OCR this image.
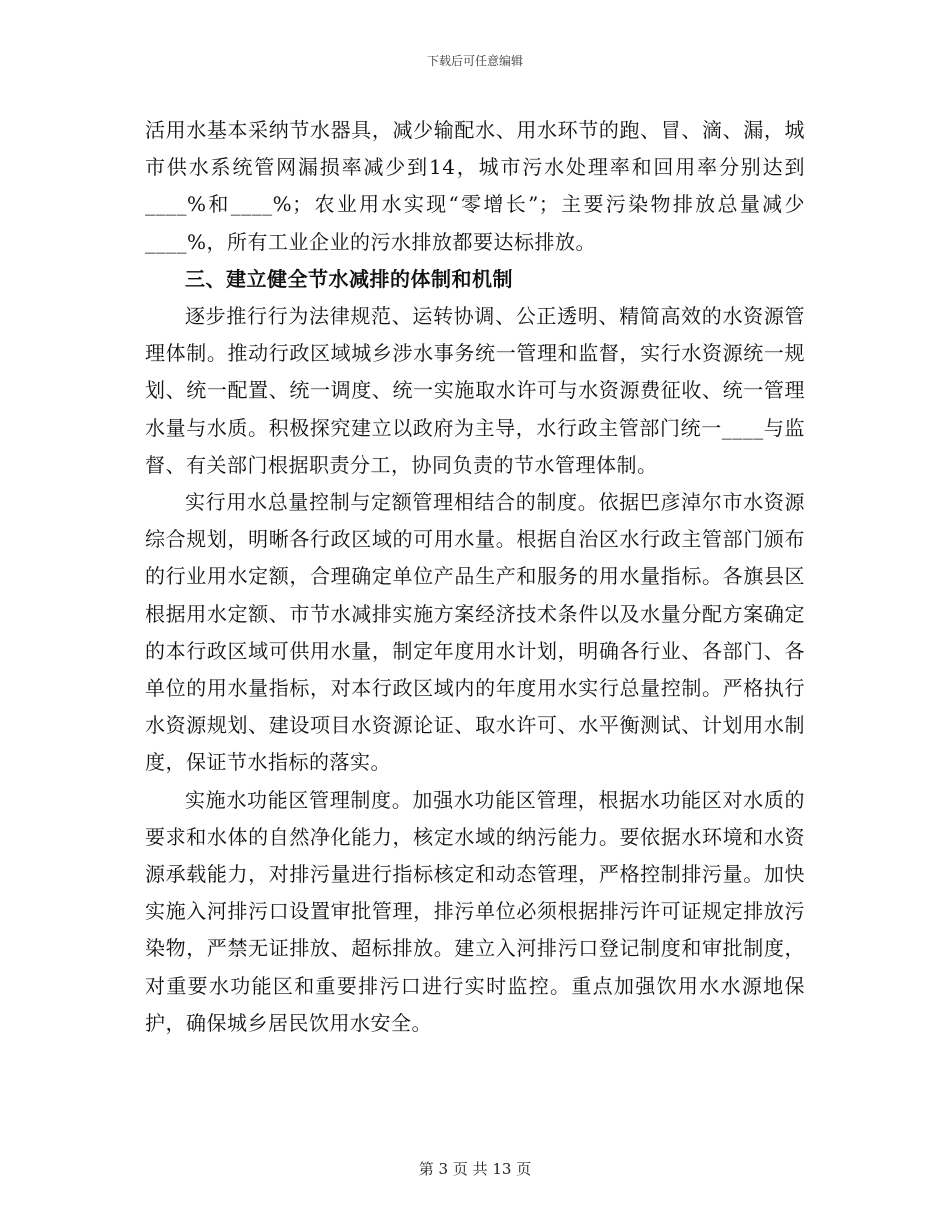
下载后可任意编辑

活用水基本采纳节水器具，减少输配水、用水环节的跑、冒、滴、漏，城市供水系统管网漏损率减少到14，城市污水处理率和回用率分别达到____%和____%；农业用水实现“零增长”；主要污染物排放总量减少____%，所有工业企业的污水排放都要达标排放。

三、建立健全节水减排的体制和机制

逐步推行行为法律规范、运转协调、公正透明、精简高效的水资源管理体制。推动行政区域城乡涉水事务统一管理和监督，实行水资源统一规划、统一配置、统一调度、统一实施取水许可与水资源费征收、统一管理水量与水质。积极探究建立以政府为主导，水行政主管部门统一____与监督、有关部门根据职责分工，协同负责的节水管理体制。

实行用水总量控制与定额管理相结合的制度。依据巴彦淖尔市水资源综合规划，明晰各行政区域的可用水量。根据自治区水行政主管部门颁布的行业用水定额，合理确定单位产品生产和服务的用水量指标。各旗县区根据用水定额、市节水减排实施方案经济技术条件以及水量分配方案确定的本行政区域可供用水量，制定年度用水计划，明确各行业、各部门、各单位的用水量指标，对本行政区域内的年度用水实行总量控制。严格执行水资源规划、建设项目水资源论证、取水许可、水平衡测试、计划用水制度，保证节水指标的落实。

实施水功能区管理制度。加强水功能区管理，根据水功能区对水质的要求和水体的自然净化能力，核定水域的纳污能力。要依据水环境和水资源承载能力，对排污量进行指标核定和动态管理，严格控制排污量。加快实施入河排污口设置审批管理，排污单位必须根据排污许可证规定排放污染物，严禁无证排放、超标排放。建立入河排污口登记制度和审批制度，对重要水功能区和重要排污口进行实时监控。重点加强饮用水水源地保护，确保城乡居民饮用水安全。

第 3 页 共 13 页
